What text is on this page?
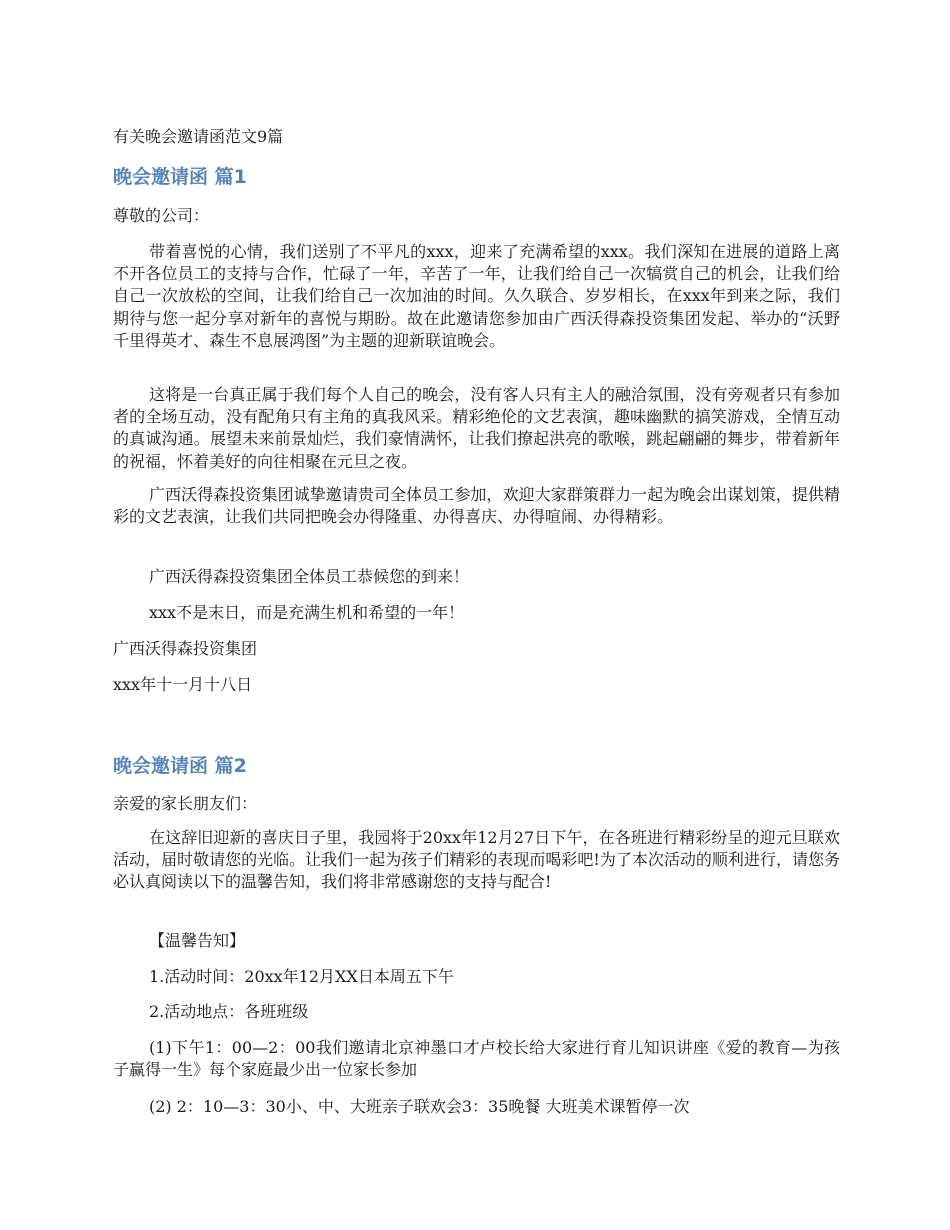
有关晚会邀请函范文9篇
晚会邀请函 篇1
尊敬的公司：
带着喜悦的心情，我们送别了不平凡的xxx，迎来了充满希望的xxx。我们深知在进展的道路上离不开各位员工的支持与合作，忙碌了一年，辛苦了一年，让我们给自己一次犒赏自己的机会，让我们给自己一次放松的空间，让我们给自己一次加油的时间。久久联合、岁岁相长，在xxx年到来之际，我们期待与您一起分享对新年的喜悦与期盼。故在此邀请您参加由广西沃得森投资集团发起、举办的“沃野千里得英才、森生不息展鸿图”为主题的迎新联谊晚会。
这将是一台真正属于我们每个人自己的晚会，没有客人只有主人的融洽氛围，没有旁观者只有参加者的全场互动，没有配角只有主角的真我风采。精彩绝伦的文艺表演，趣味幽默的搞笑游戏，全情互动的真诚沟通。展望未来前景灿烂，我们豪情满怀，让我们撩起洪亮的歌喉，跳起翩翩的舞步，带着新年的祝福，怀着美好的向往相聚在元旦之夜。
广西沃得森投资集团诚挚邀请贵司全体员工参加，欢迎大家群策群力一起为晚会出谋划策，提供精彩的文艺表演，让我们共同把晚会办得隆重、办得喜庆、办得喧闹、办得精彩。
广西沃得森投资集团全体员工恭候您的到来！
xxx不是末日，而是充满生机和希望的一年！
广西沃得森投资集团
xxx年十一月十八日
晚会邀请函 篇2
亲爱的家长朋友们：
在这辞旧迎新的喜庆日子里，我园将于20xx年12月27日下午，在各班进行精彩纷呈的迎元旦联欢活动，届时敬请您的光临。让我们一起为孩子们精彩的表现而喝彩吧!为了本次活动的顺利进行，请您务必认真阅读以下的温馨告知，我们将非常感谢您的支持与配合!
【温馨告知】
1.活动时间：20xx年12月XX日本周五下午
2.活动地点：各班班级
(1)下午1：00—2：00我们邀请北京神墨口才卢校长给大家进行育儿知识讲座《爱的教育—为孩子赢得一生》每个家庭最少出一位家长参加
(2) 2：10—3：30小、中、大班亲子联欢会3：35晚餐 大班美术课暂停一次
